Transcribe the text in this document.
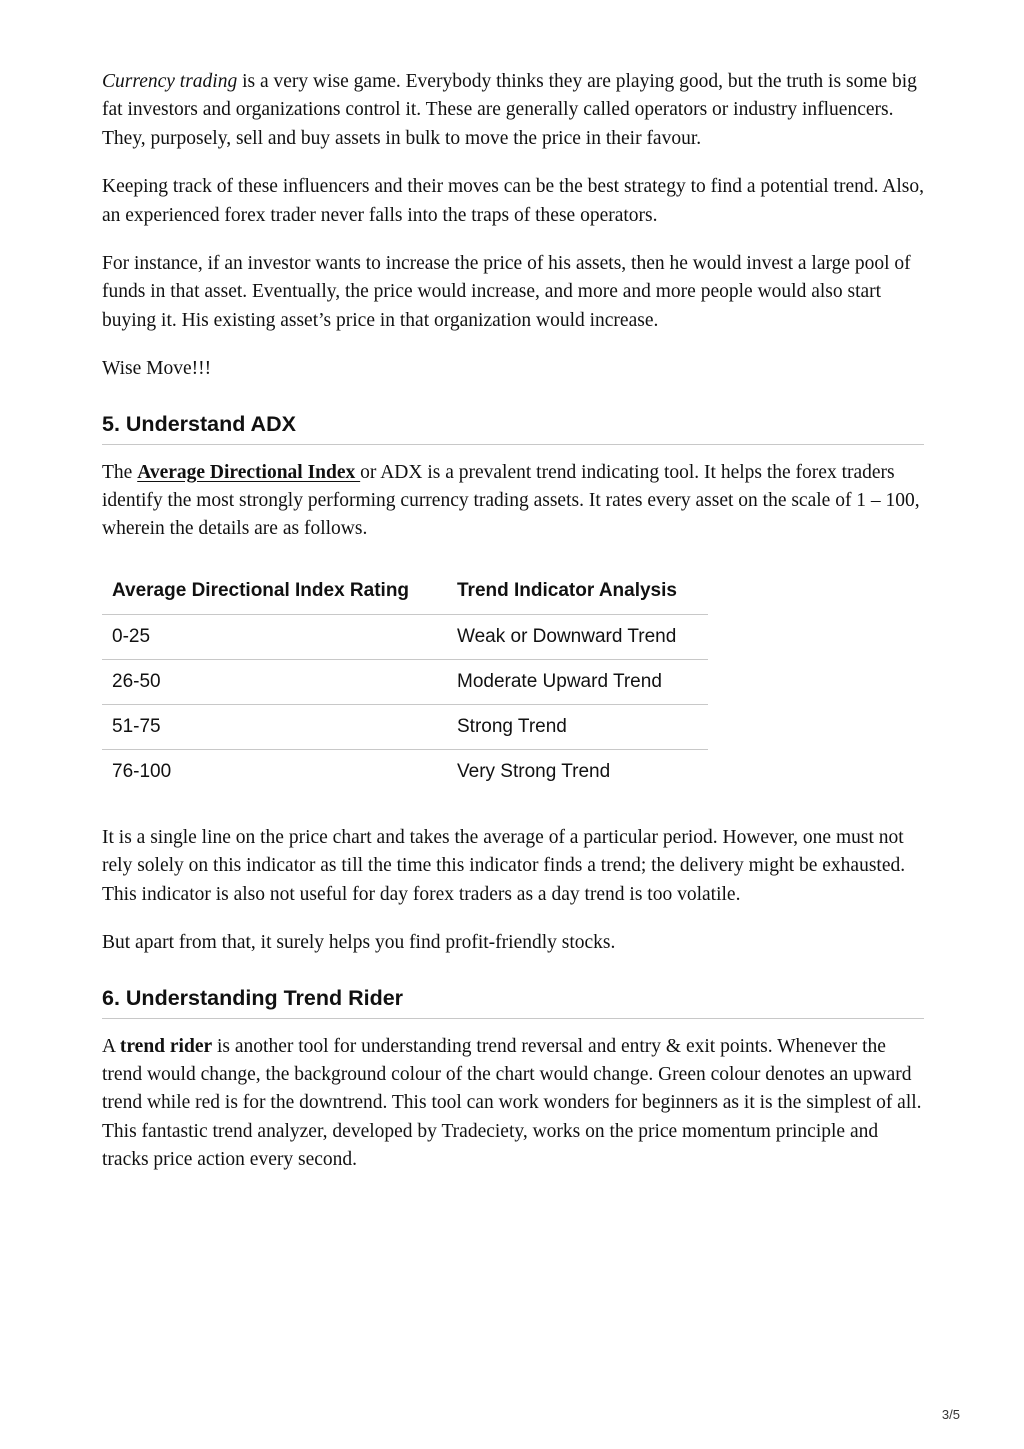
Currency trading is a very wise game. Everybody thinks they are playing good, but the truth is some big fat investors and organizations control it. These are generally called operators or industry influencers. They, purposely, sell and buy assets in bulk to move the price in their favour.

Keeping track of these influencers and their moves can be the best strategy to find a potential trend. Also, an experienced forex trader never falls into the traps of these operators.

For instance, if an investor wants to increase the price of his assets, then he would invest a large pool of funds in that asset. Eventually, the price would increase, and more and more people would also start buying it. His existing asset’s price in that organization would increase.

Wise Move!!!

5. Understand ADX

The Average Directional Index or ADX is a prevalent trend indicating tool. It helps the forex traders identify the most strongly performing currency trading assets. It rates every asset on the scale of 1 – 100, wherein the details are as follows.

Average Directional Index Rating	Trend Indicator Analysis
0-25	Weak or Downward Trend
26-50	Moderate Upward Trend
51-75	Strong Trend
76-100	Very Strong Trend

It is a single line on the price chart and takes the average of a particular period. However, one must not rely solely on this indicator as till the time this indicator finds a trend; the delivery might be exhausted. This indicator is also not useful for day forex traders as a day trend is too volatile.

But apart from that, it surely helps you find profit-friendly stocks.

6. Understanding Trend Rider

A trend rider is another tool for understanding trend reversal and entry & exit points. Whenever the trend would change, the background colour of the chart would change. Green colour denotes an upward trend while red is for the downtrend. This tool can work wonders for beginners as it is the simplest of all. This fantastic trend analyzer, developed by Tradeciety, works on the price momentum principle and tracks price action every second.

3/5
